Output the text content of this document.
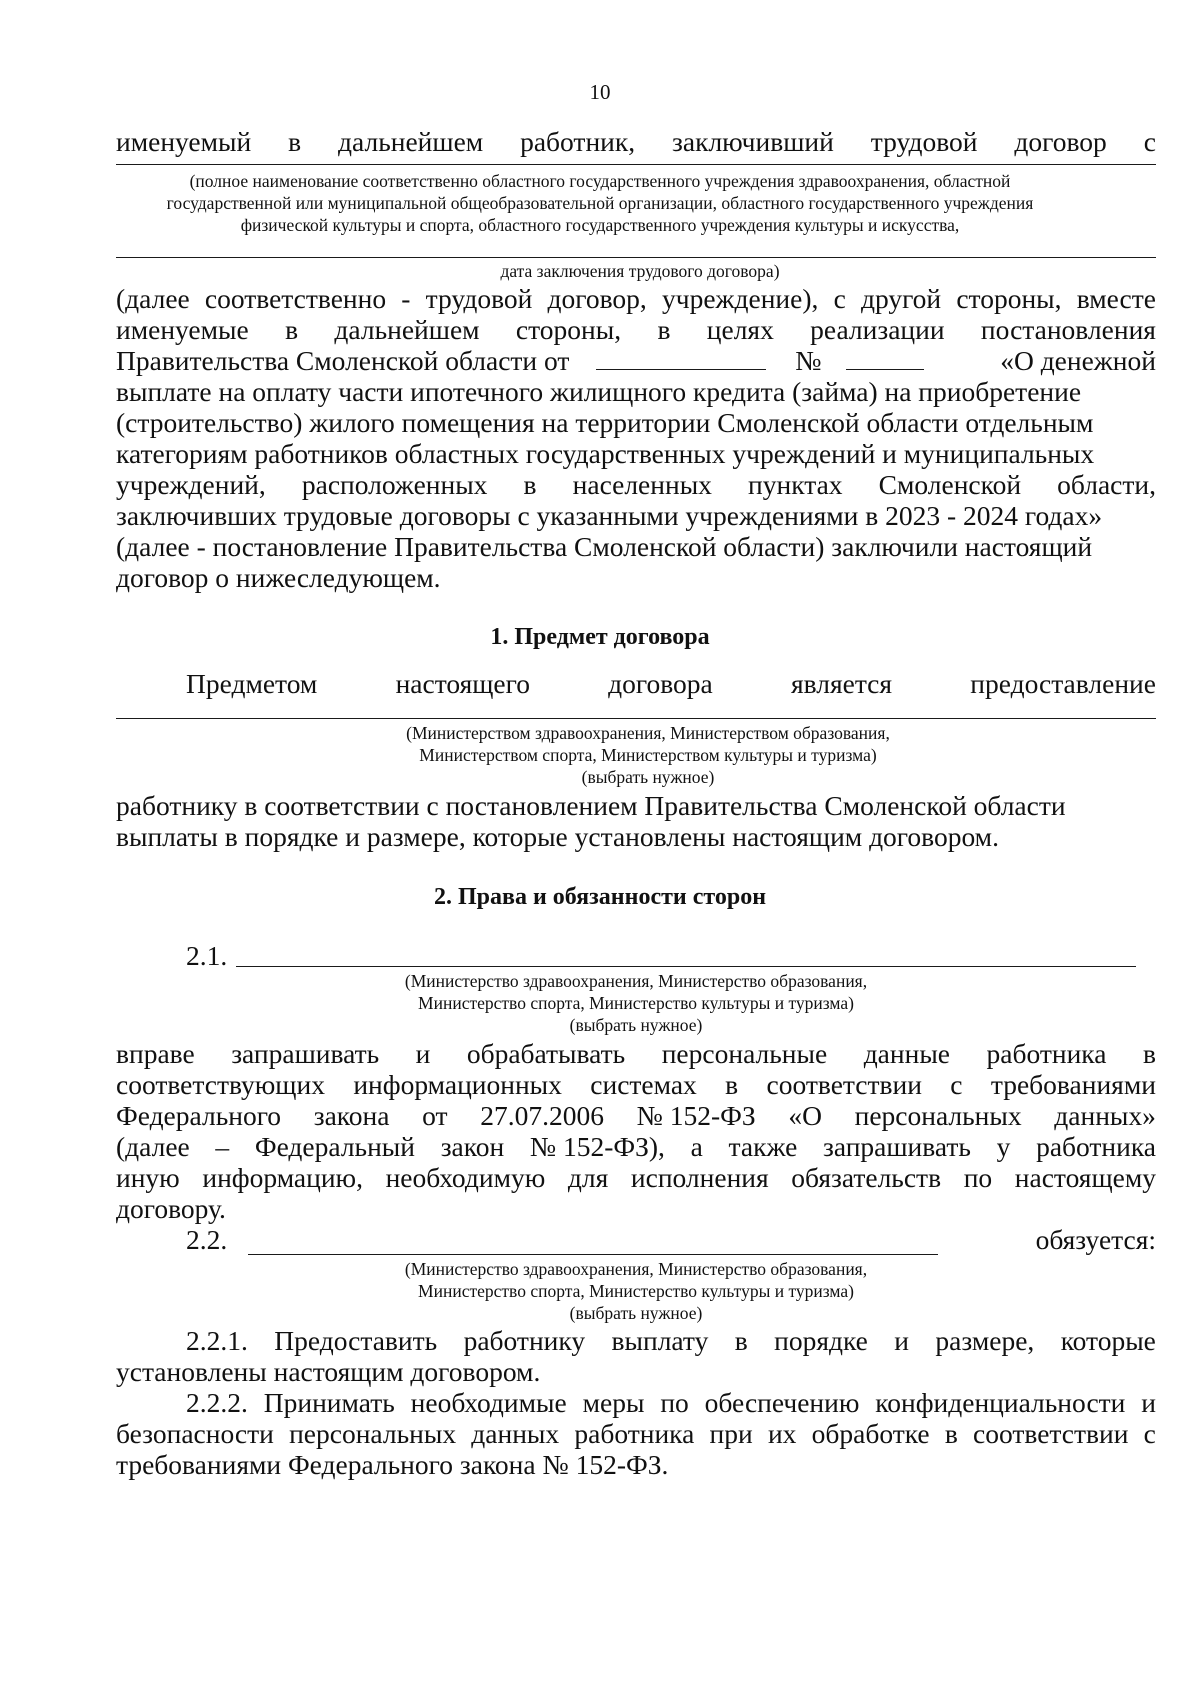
10
именуемый в дальнейшем работник, заключивший трудовой договор с
(полное наименование соответственно областного государственного учреждения здравоохранения, областной
государственной или муниципальной общеобразовательной организации, областного государственного учреждения
физической культуры и спорта, областного государственного учреждения культуры и искусства,
дата заключения трудового договора)
(далее соответственно - трудовой договор, учреждение), с другой стороны, вместе
именуемые в дальнейшем стороны, в целях реализации постановления
Правительства Смоленской области от	№	«О денежной
выплате на оплату части ипотечного жилищного кредита (займа) на приобретение
(строительство) жилого помещения на территории Смоленской области отдельным
категориям работников областных государственных учреждений и муниципальных
учреждений, расположенных в населенных пунктах Смоленской области,
заключивших трудовые договоры с указанными учреждениями в 2023 - 2024 годах»
(далее - постановление Правительства Смоленской области) заключили настоящий
договор о нижеследующем.
1. Предмет договора
Предметом	настоящего	договора	является	предоставление
(Министерством здравоохранения, Министерством образования,
Министерством спорта, Министерством культуры и туризма)
(выбрать нужное)
работнику в соответствии с постановлением Правительства Смоленской области
выплаты в порядке и размере, которые установлены настоящим договором.
2. Права и обязанности сторон
2.1.
(Министерство здравоохранения, Министерство образования,
Министерство спорта, Министерство культуры и туризма)
(выбрать нужное)
вправе запрашивать и обрабатывать персональные данные работника в
соответствующих информационных системах в соответствии с требованиями
Федерального закона от 27.07.2006 № 152-ФЗ «О персональных данных»
(далее – Федеральный закон № 152-ФЗ), а также запрашивать у работника
иную информацию, необходимую для исполнения обязательств по настоящему
договору.
2.2.	обязуется:
(Министерство здравоохранения, Министерство образования,
Министерство спорта, Министерство культуры и туризма)
(выбрать нужное)
2.2.1. Предоставить работнику выплату в порядке и размере, которые
установлены настоящим договором.
2.2.2. Принимать необходимые меры по обеспечению конфиденциальности и
безопасности персональных данных работника при их обработке в соответствии с
требованиями Федерального закона № 152-ФЗ.
